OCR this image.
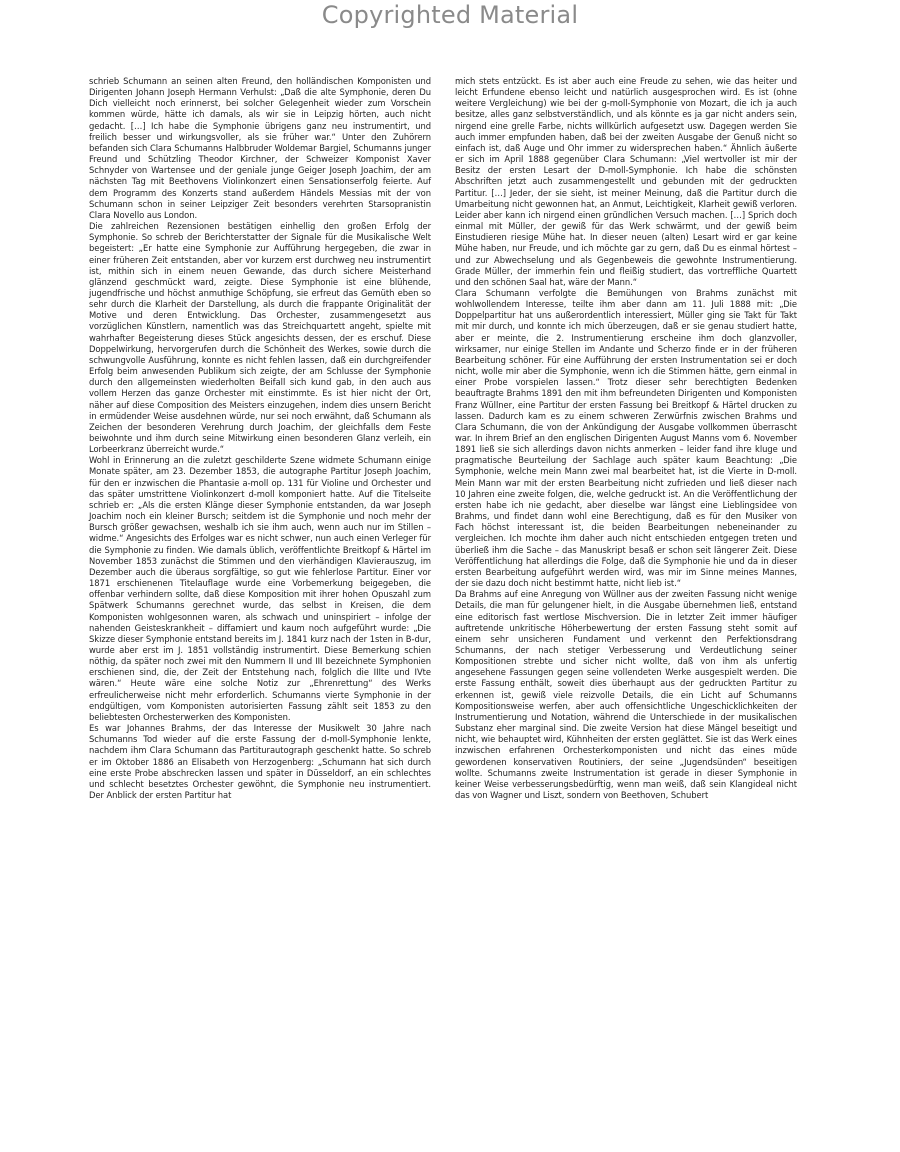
Copyrighted Material

schrieb Schumann an seinen alten Freund, den holländischen Komponisten und Dirigenten Johann Joseph Hermann Verhulst: „Daß die alte Symphonie, deren Du Dich vielleicht noch erinnerst, bei solcher Gelegenheit wieder zum Vorschein kommen würde, hätte ich damals, als wir sie in Leipzig hörten, auch nicht gedacht. […] Ich habe die Symphonie übrigens ganz neu instrumentirt, und freilich besser und wirkungsvoller, als sie früher war.“ Unter den Zuhörern befanden sich Clara Schumanns Halbbruder Woldemar Bargiel, Schumanns junger Freund und Schützling Theodor Kirchner, der Schweizer Komponist Xaver Schnyder von Wartensee und der geniale junge Geiger Joseph Joachim, der am nächsten Tag mit Beethovens Violinkonzert einen Sensationserfolg feierte. Auf dem Programm des Konzerts stand außerdem Händels Messias mit der von Schumann schon in seiner Leipziger Zeit besonders verehrten Starsopranistin Clara Novello aus London.

Die zahlreichen Rezensionen bestätigen einhellig den großen Erfolg der Symphonie. So schreb der Berichterstatter der Signale für die Musikalische Welt begeistert: „Er hatte eine Symphonie zur Aufführung hergegeben, die zwar in einer früheren Zeit entstanden, aber vor kurzem erst durchweg neu instrumentirt ist, mithin sich in einem neuen Gewande, das durch sichere Meisterhand glänzend geschmückt ward, zeigte. Diese Symphonie ist eine blühende, jugendfrische und höchst anmuthige Schöpfung, sie erfreut das Gemüth eben so sehr durch die Klarheit der Darstellung, als durch die frappante Originalität der Motive und deren Entwicklung. Das Orchester, zusammengesetzt aus vorzüglichen Künstlern, namentlich was das Streichquartett angeht, spielte mit wahrhafter Begeisterung dieses Stück angesichts dessen, der es erschuf. Diese Doppelwirkung, hervorgerufen durch die Schönheit des Werkes, sowie durch die schwungvolle Ausführung, konnte es nicht fehlen lassen, daß ein durchgreifender Erfolg beim anwesenden Publikum sich zeigte, der am Schlusse der Symphonie durch den allgemeinsten wiederholten Beifall sich kund gab, in den auch aus vollem Herzen das ganze Orchester mit einstimmte. Es ist hier nicht der Ort, näher auf diese Composition des Meisters einzugehen, indem dies unsern Bericht in ermüdender Weise ausdehnen würde, nur sei noch erwähnt, daß Schumann als Zeichen der besonderen Verehrung durch Joachim, der gleichfalls dem Feste beiwohnte und ihm durch seine Mitwirkung einen besonderen Glanz verleih, ein Lorbeerkranz überreicht wurde.“

Wohl in Erinnerung an die zuletzt geschilderte Szene widmete Schumann einige Monate später, am 23. Dezember 1853, die autographe Partitur Joseph Joachim, für den er inzwischen die Phantasie a-moll op. 131 für Violine und Orchester und das später umstrittene Violinkonzert d-moll komponiert hatte. Auf die Titelseite schrieb er: „Als die ersten Klänge dieser Symphonie entstanden, da war Joseph Joachim noch ein kleiner Bursch; seitdem ist die Symphonie und noch mehr der Bursch größer gewachsen, weshalb ich sie ihm auch, wenn auch nur im Stillen – widme.“ Angesichts des Erfolges war es nicht schwer, nun auch einen Verleger für die Symphonie zu finden. Wie damals üblich, veröffentlichte Breitkopf & Härtel im November 1853 zunächst die Stimmen und den vierhändigen Klavierauszug, im Dezember auch die überaus sorgfältige, so gut wie fehlerlose Partitur. Einer vor 1871 erschienenen Titelauflage wurde eine Vorbemerkung beigegeben, die offenbar verhindern sollte, daß diese Komposition mit ihrer hohen Opuszahl zum Spätwerk Schumanns gerechnet wurde, das selbst in Kreisen, die dem Komponisten wohlgesonnen waren, als schwach und uninspiriert – infolge der nahenden Geisteskrankheit – diffamiert und kaum noch aufgeführt wurde: „Die Skizze dieser Symphonie entstand bereits im J. 1841 kurz nach der 1sten in B-dur, wurde aber erst im J. 1851 vollständig instrumentirt. Diese Bemerkung schien nöthig, da später noch zwei mit den Nummern II und III bezeichnete Symphonien erschienen sind, die, der Zeit der Entstehung nach, folglich die IIIte und IVte wären.“ Heute wäre eine solche Notiz zur „Ehrenrettung“ des Werks erfreulicherweise nicht mehr erforderlich. Schumanns vierte Symphonie in der endgültigen, vom Komponisten autorisierten Fassung zählt seit 1853 zu den beliebtesten Orchesterwerken des Komponisten.

Es war Johannes Brahms, der das Interesse der Musikwelt 30 Jahre nach Schumanns Tod wieder auf die erste Fassung der d-moll-Symphonie lenkte, nachdem ihm Clara Schumann das Partiturautograph geschenkt hatte. So schreb er im Oktober 1886 an Elisabeth von Herzogenberg: „Schumann hat sich durch eine erste Probe abschrecken lassen und später in Düsseldorf, an ein schlechtes und schlecht besetztes Orchester gewöhnt, die Symphonie neu instrumentiert. Der Anblick der ersten Partitur hat

mich stets entzückt. Es ist aber auch eine Freude zu sehen, wie das heiter und leicht Erfundene ebenso leicht und natürlich ausgesprochen wird. Es ist (ohne weitere Vergleichung) wie bei der g-moll-Symphonie von Mozart, die ich ja auch besitze, alles ganz selbstverständlich, und als könnte es ja gar nicht anders sein, nirgend eine grelle Farbe, nichts willkürlich aufgesetzt usw. Dagegen werden Sie auch immer empfunden haben, daß bei der zweiten Ausgabe der Genuß nicht so einfach ist, daß Auge und Ohr immer zu widersprechen haben.“ Ähnlich äußerte er sich im April 1888 gegenüber Clara Schumann: „Viel wertvoller ist mir der Besitz der ersten Lesart der D-moll-Symphonie. Ich habe die schönsten Abschriften jetzt auch zusammengestellt und gebunden mit der gedruckten Partitur. […] Jeder, der sie sieht, ist meiner Meinung, daß die Partitur durch die Umarbeitung nicht gewonnen hat, an Anmut, Leichtigkeit, Klarheit gewiß verloren. Leider aber kann ich nirgend einen gründlichen Versuch machen. […] Sprich doch einmal mit Müller, der gewiß für das Werk schwärmt, und der gewiß beim Einstudieren riesige Mühe hat. In dieser neuen (alten) Lesart wird er gar keine Mühe haben, nur Freude, und ich möchte gar zu gern, daß Du es einmal hörtest – und zur Abwechselung und als Gegenbeweis die gewohnte Instrumentierung. Grade Müller, der immerhin fein und fleißig studiert, das vortreffliche Quartett und den schönen Saal hat, wäre der Mann.“

Clara Schumann verfolgte die Bemühungen von Brahms zunächst mit wohlwollendem Interesse, teilte ihm aber dann am 11. Juli 1888 mit: „Die Doppelpartitur hat uns außerordentlich interessiert, Müller ging sie Takt für Takt mit mir durch, und konnte ich mich überzeugen, daß er sie genau studiert hatte, aber er meinte, die 2. Instrumentierung erscheine ihm doch glanzvoller, wirksamer, nur einige Stellen im Andante und Scherzo finde er in der früheren Bearbeitung schöner. Für eine Aufführung der ersten Instrumentation sei er doch nicht, wolle mir aber die Symphonie, wenn ich die Stimmen hätte, gern einmal in einer Probe vorspielen lassen.“ Trotz dieser sehr berechtigten Bedenken beauftragte Brahms 1891 den mit ihm befreundeten Dirigenten und Komponisten Franz Wüllner, eine Partitur der ersten Fassung bei Breitkopf & Härtel drucken zu lassen. Dadurch kam es zu einem schweren Zerwürfnis zwischen Brahms und Clara Schumann, die von der Ankündigung der Ausgabe vollkommen überrascht war. In ihrem Brief an den englischen Dirigenten August Manns vom 6. November 1891 ließ sie sich allerdings davon nichts anmerken – leider fand ihre kluge und pragmatische Beurteilung der Sachlage auch später kaum Beachtung: „Die Symphonie, welche mein Mann zwei mal bearbeitet hat, ist die Vierte in D-moll. Mein Mann war mit der ersten Bearbeitung nicht zufrieden und ließ dieser nach 10 Jahren eine zweite folgen, die, welche gedruckt ist. An die Veröffentlichung der ersten habe ich nie gedacht, aber dieselbe war längst eine Lieblingsidee von Brahms, und findet dann wohl eine Berechtigung, daß es für den Musiker von Fach höchst interessant ist, die beiden Bearbeitungen nebeneinander zu vergleichen. Ich mochte ihm daher auch nicht entschieden entgegen treten und überließ ihm die Sache – das Manuskript besaß er schon seit längerer Zeit. Diese Veröffentlichung hat allerdings die Folge, daß die Symphonie hie und da in dieser ersten Bearbeitung aufgeführt werden wird, was mir im Sinne meines Mannes, der sie dazu doch nicht bestimmt hatte, nicht lieb ist.“

Da Brahms auf eine Anregung von Wüllner aus der zweiten Fassung nicht wenige Details, die man für gelungener hielt, in die Ausgabe übernehmen ließ, entstand eine editorisch fast wertlose Mischversion. Die in letzter Zeit immer häufiger auftretende unkritische Höherbewertung der ersten Fassung steht somit auf einem sehr unsicheren Fundament und verkennt den Perfektionsdrang Schumanns, der nach stetiger Verbesserung und Verdeutlichung seiner Kompositionen strebte und sicher nicht wollte, daß von ihm als unfertig angesehene Fassungen gegen seine vollendeten Werke ausgespielt werden. Die erste Fassung enthält, soweit dies überhaupt aus der gedruckten Partitur zu erkennen ist, gewiß viele reizvolle Details, die ein Licht auf Schumanns Kompositionsweise werfen, aber auch offensichtliche Ungeschicklichkeiten der Instrumentierung und Notation, während die Unterschiede in der musikalischen Substanz eher marginal sind. Die zweite Version hat diese Mängel beseitigt und nicht, wie behauptet wird, Kühnheiten der ersten geglättet. Sie ist das Werk eines inzwischen erfahrenen Orchesterkomponisten und nicht das eines müde gewordenen konservativen Routiniers, der seine „Jugendsünden“ beseitigen wollte. Schumanns zweite Instrumentation ist gerade in dieser Symphonie in keiner Weise verbesserungsbedürftig, wenn man weiß, daß sein Klangideal nicht das von Wagner und Liszt, sondern von Beethoven, Schubert
